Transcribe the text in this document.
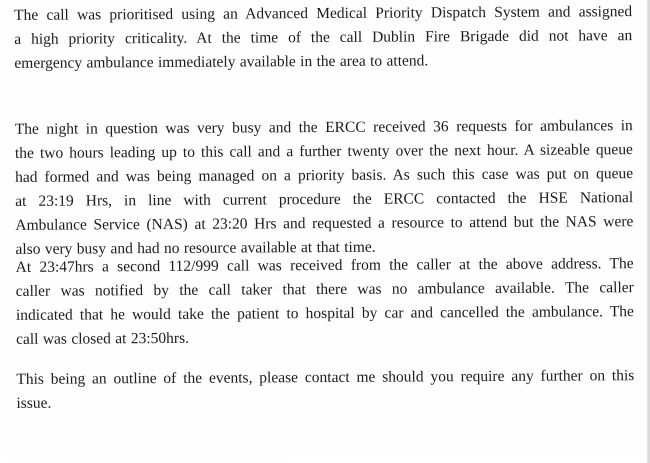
The call was prioritised using an Advanced Medical Priority Dispatch System and assigned
a high priority criticality. At the time of the call Dublin Fire Brigade did not have an
emergency ambulance immediately available in the area to attend.

The night in question was very busy and the ERCC received 36 requests for ambulances in
the two hours leading up to this call and a further twenty over the next hour. A sizeable queue
had formed and was being managed on a priority basis. As such this case was put on queue
at 23:19 Hrs, in line with current procedure the ERCC contacted the HSE National
Ambulance Service (NAS) at 23:20 Hrs and requested a resource to attend but the NAS were
also very busy and had no resource available at that time.

At 23:47hrs a second 112/999 call was received from the caller at the above address. The
caller was notified by the call taker that there was no ambulance available. The caller
indicated that he would take the patient to hospital by car and cancelled the ambulance. The
call was closed at 23:50hrs.

This being an outline of the events, please contact me should you require any further on this
issue.
